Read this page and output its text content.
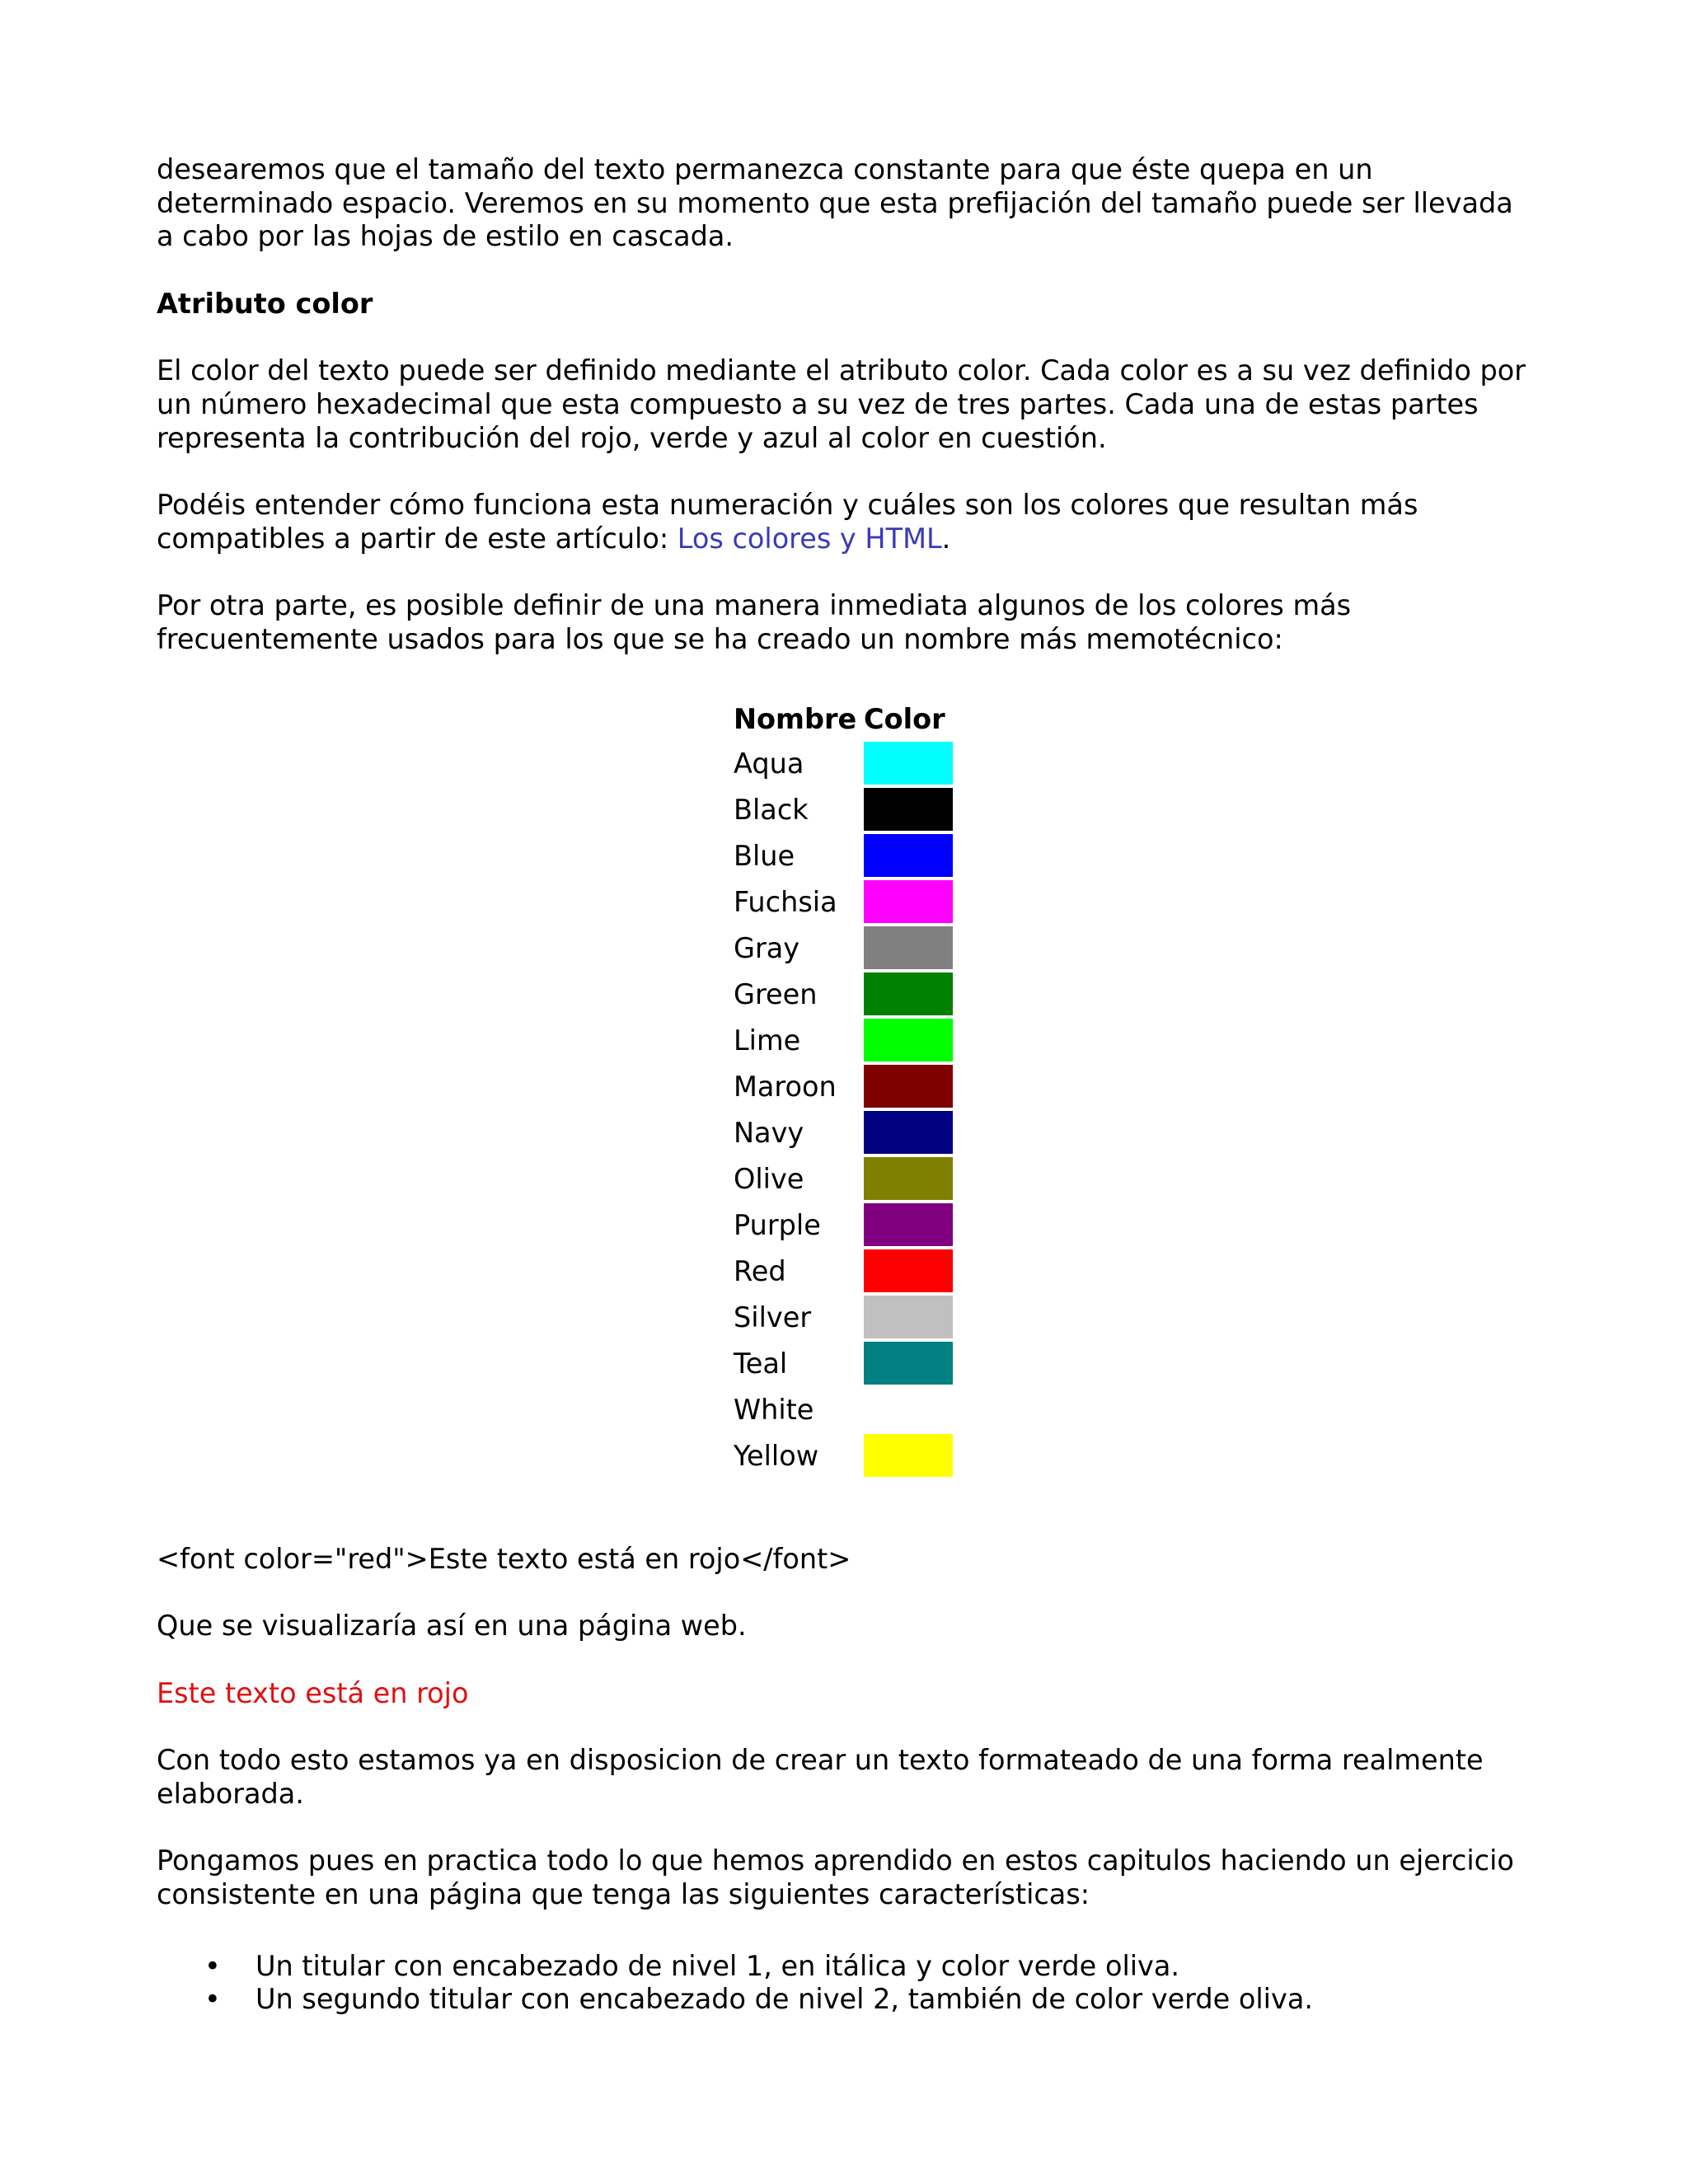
desearemos que el tamaño del texto permanezca constante para que éste quepa en un
determinado espacio. Veremos en su momento que esta prefijación del tamaño puede ser llevada
a cabo por las hojas de estilo en cascada.

Atributo color

El color del texto puede ser definido mediante el atributo color. Cada color es a su vez definido por
un número hexadecimal que esta compuesto a su vez de tres partes. Cada una de estas partes
representa la contribución del rojo, verde y azul al color en cuestión.

Podéis entender cómo funciona esta numeración y cuáles son los colores que resultan más
compatibles a partir de este artículo: Los colores y HTML.

Por otra parte, es posible definir de una manera inmediata algunos de los colores más
frecuentemente usados para los que se ha creado un nombre más memotécnico:

Nombre	Color
Aqua	

Black	

Blue	

Fuchsia	

Gray	

Green	

Lime	

Maroon	

Navy	

Olive	

Purple	

Red	

Silver	

Teal	

White	

Yellow	

<font color="red">Este texto está en rojo</font>

Que se visualizaría así en una página web.

Este texto está en rojo

Con todo esto estamos ya en disposicion de crear un texto formateado de una forma realmente
elaborada.

Pongamos pues en practica todo lo que hemos aprendido en estos capitulos haciendo un ejercicio
consistente en una página que tenga las siguientes características:

• Un titular con encabezado de nivel 1, en itálica y color verde oliva.
• Un segundo titular con encabezado de nivel 2, también de color verde oliva.
